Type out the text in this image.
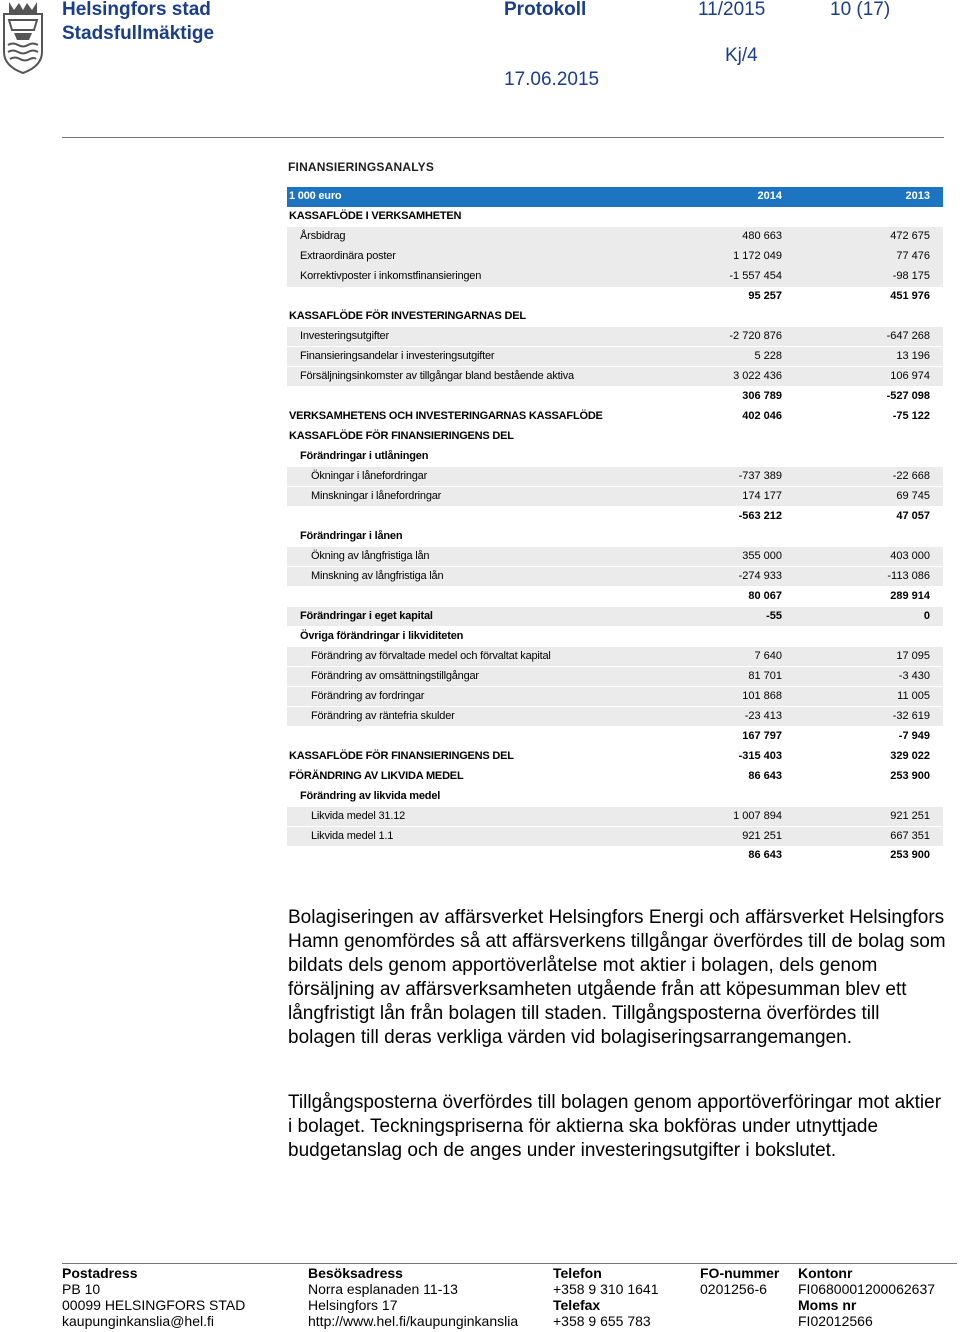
Helsingfors stad
Stadsfullmäktige
Protokoll	11/2015	10 (17)
Kj/4
17.06.2015
FINANSIERINGSANALYS
1 000 euro	2014	2013
KASSAFLÖDE I VERKSAMHETEN
Årsbidrag	480 663	472 675
Extraordinära poster	1 172 049	77 476
Korrektivposter i inkomstfinansieringen	-1 557 454	-98 175
95 257	451 976
KASSAFLÖDE FÖR INVESTERINGARNAS DEL
Investeringsutgifter	-2 720 876	-647 268
Finansieringsandelar i investeringsutgifter	5 228	13 196
Försäljningsinkomster av tillgångar bland bestående aktiva	3 022 436	106 974
306 789	-527 098
VERKSAMHETENS OCH INVESTERINGARNAS KASSAFLÖDE	402 046	-75 122
KASSAFLÖDE FÖR FINANSIERINGENS DEL
Förändringar i utlåningen
Ökningar i lånefordringar	-737 389	-22 668
Minskningar i lånefordringar	174 177	69 745
-563 212	47 057
Förändringar i lånen
Ökning av långfristiga lån	355 000	403 000
Minskning av långfristiga lån	-274 933	-113 086
80 067	289 914
Förändringar i eget kapital	-55	0
Övriga förändringar i likviditeten
Förändring av förvaltade medel och förvaltat kapital	7 640	17 095
Förändring av omsättningstillgångar	81 701	-3 430
Förändring av fordringar	101 868	11 005
Förändring av räntefria skulder	-23 413	-32 619
167 797	-7 949
KASSAFLÖDE FÖR FINANSIERINGENS DEL	-315 403	329 022
FÖRÄNDRING AV LIKVIDA MEDEL	86 643	253 900
Förändring av likvida medel
Likvida medel 31.12	1 007 894	921 251
Likvida medel 1.1	921 251	667 351
86 643	253 900
Bolagiseringen av affärsverket Helsingfors Energi och affärsverket Helsingfors Hamn genomfördes så att affärsverkens tillgångar överfördes till de bolag som bildats dels genom apportöverlåtelse mot aktier i bolagen, dels genom försäljning av affärsverksamheten utgående från att köpesumman blev ett långfristigt lån från bolagen till staden. Tillgångsposterna överfördes till bolagen till deras verkliga värden vid bolagiseringsarrangemangen.
Tillgångsposterna överfördes till bolagen genom apportöverföringar mot aktier i bolaget. Teckningspriserna för aktierna ska bokföras under utnyttjade budgetanslag och de anges under investeringsutgifter i bokslutet.
Postadress
PB 10
00099 HELSINGFORS STAD
kaupunginkanslia@hel.fi
Besöksadress
Norra esplanaden 11-13
Helsingfors 17
http://www.hel.fi/kaupunginkanslia
Telefon
+358 9 310 1641
Telefax
+358 9 655 783
FO-nummer
0201256-6
Kontonr
FI0680001200062637
Moms nr
FI02012566
